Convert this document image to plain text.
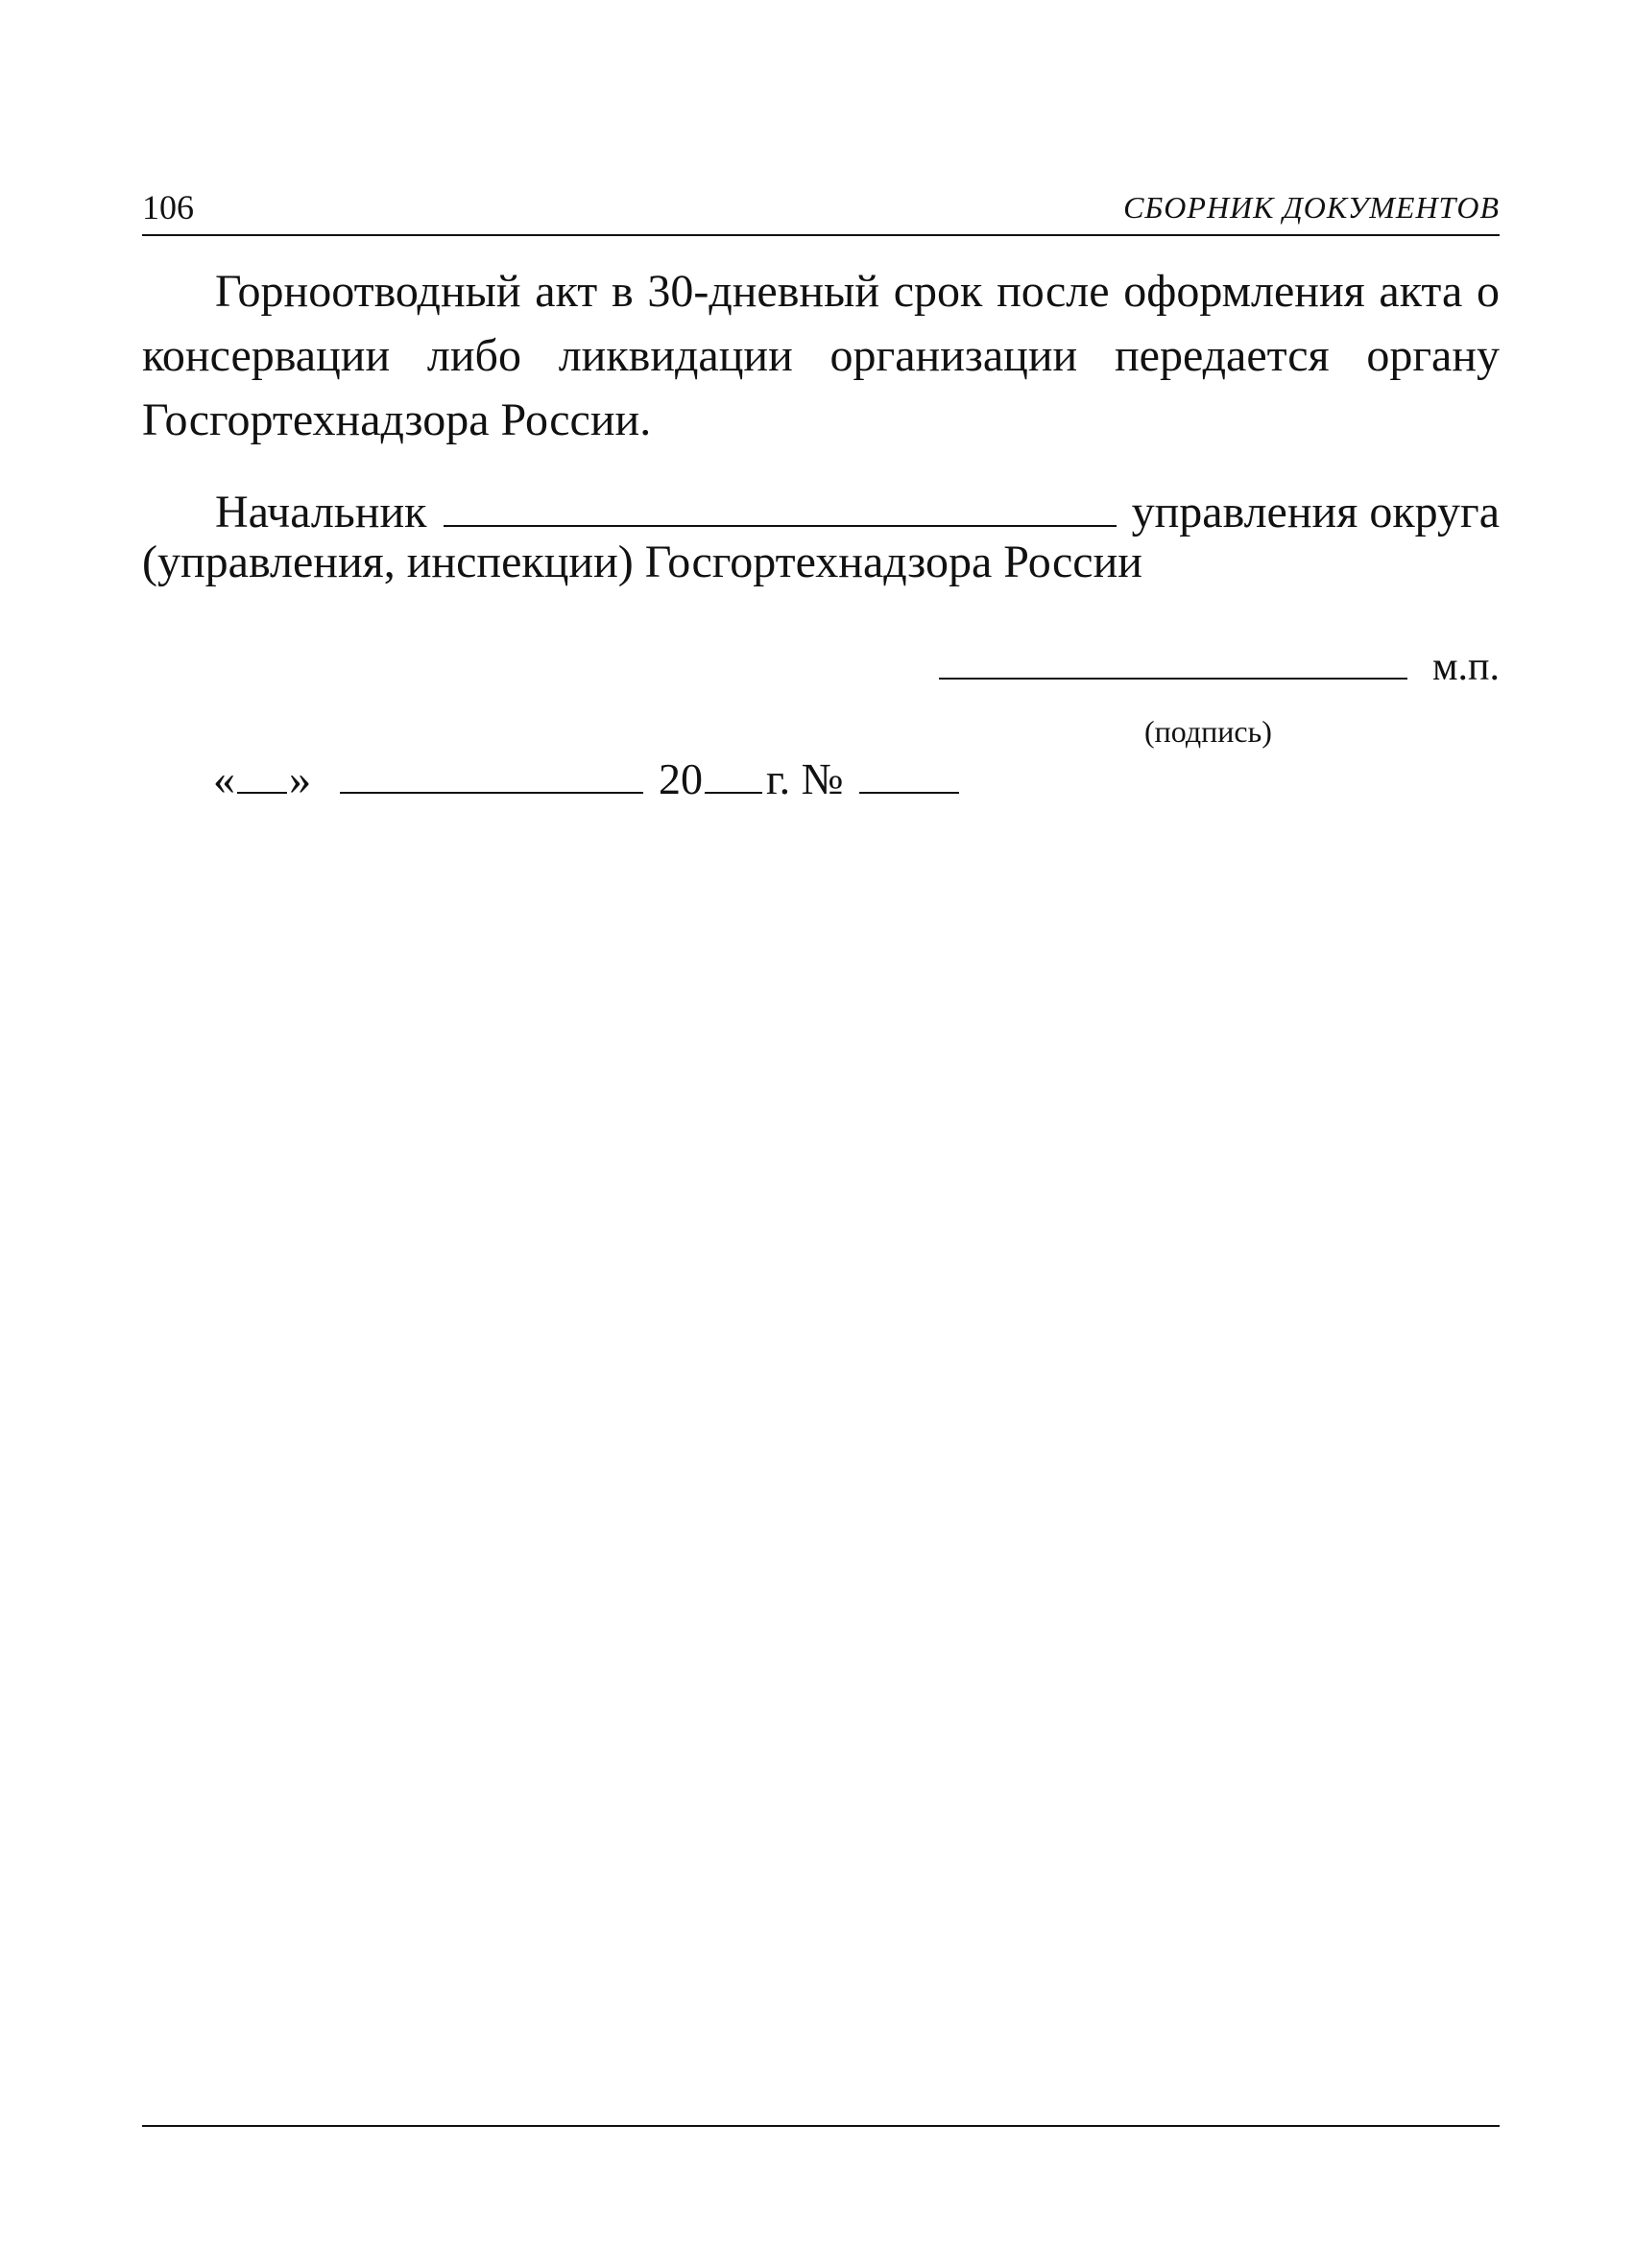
106	СБОРНИК ДОКУМЕНТОВ

Горноотводный акт в 30-дневный срок после оформления акта о консервации либо ликвидации организации передается органу Госгортехнадзора России.

Начальник	управления округа
(управления, инспекции) Госгортехнадзора России
м.п.
(подпись)
« »	20 г. №
